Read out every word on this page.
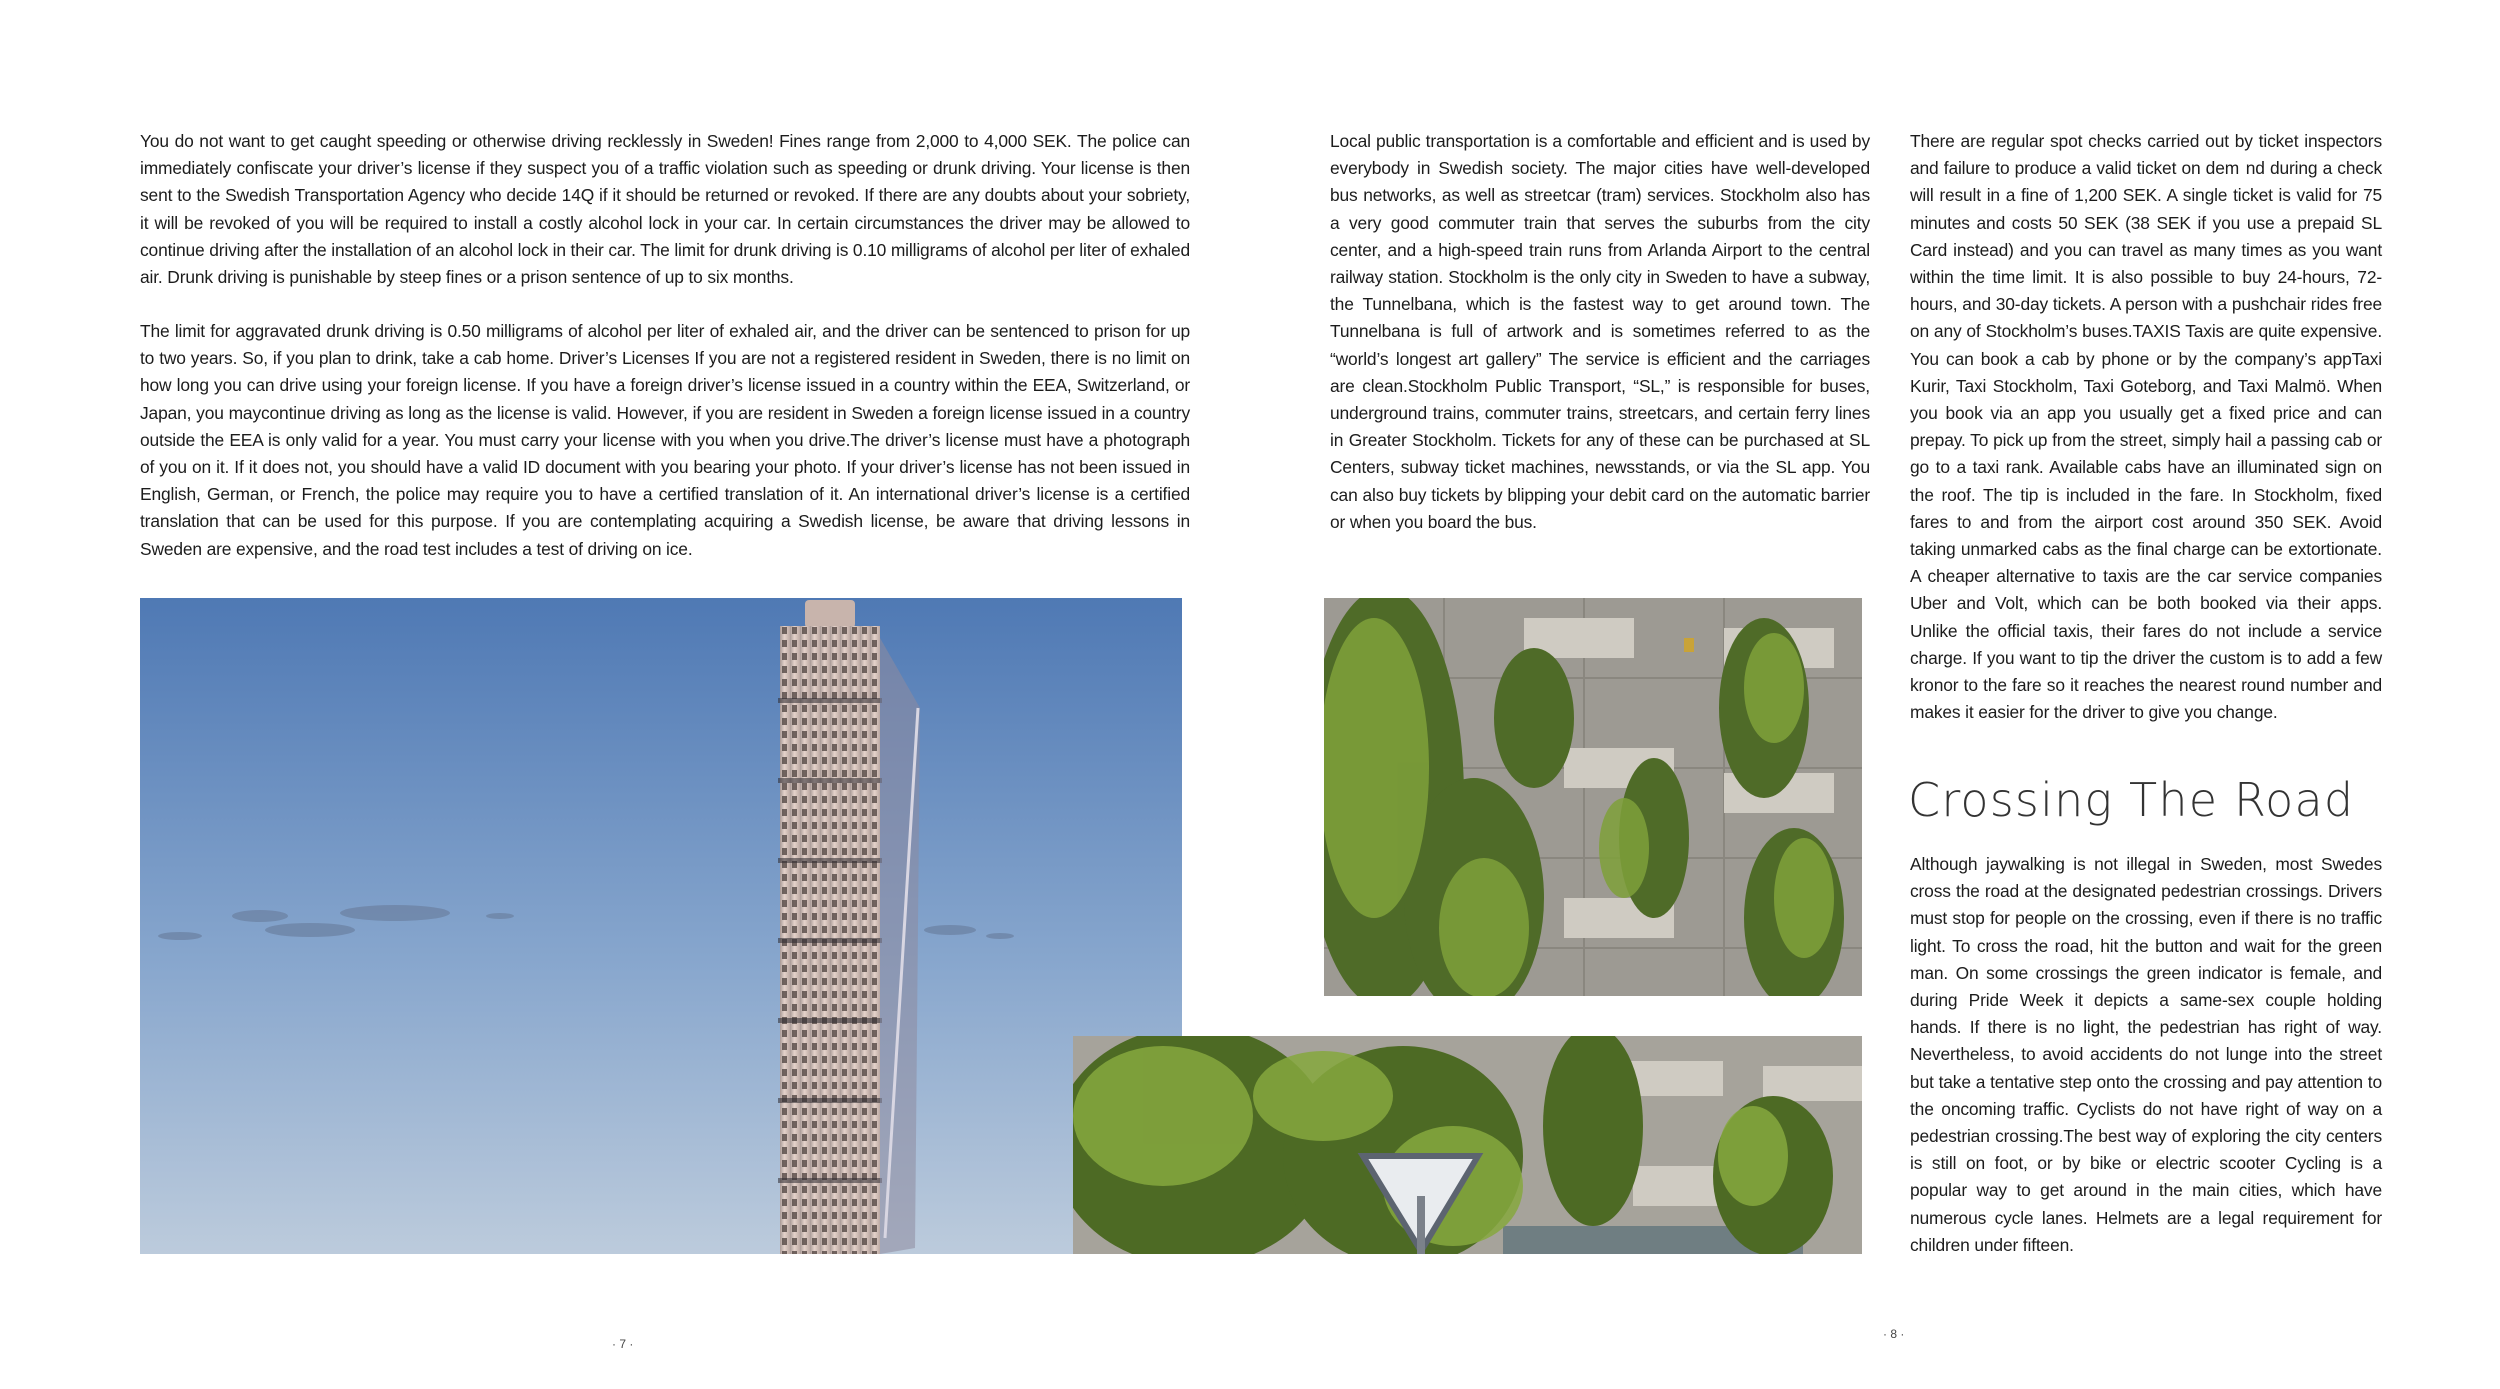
You do not want to get caught speeding or otherwise driving recklessly in Sweden! Fines range from 2,000 to 4,000 SEK. The police can immediately confiscate your driver’s license if they suspect you of a traffic violation such as speeding or drunk driving. Your license is then sent to the Swedish Transportation Agency who decide 14Q if it should be returned or revoked. If there are any doubts about your sobriety, it will be revoked of you will be required to install a costly alcohol lock in your car. In certain circumstances the driver may be allowed to continue driving after the installation of an alcohol lock in their car. The limit for drunk driving is 0.10 milligrams of alcohol per liter of exhaled air. Drunk driving is punishable by steep fines or a prison sentence of up to six months.

The limit for aggravated drunk driving is 0.50 milligrams of alcohol per liter of exhaled air, and the driver can be sentenced to prison for up to two years. So, if you plan to drink, take a cab home. Driver’s Licenses If you are not a registered resident in Sweden, there is no limit on how long you can drive using your foreign license. If you have a foreign driver’s license issued in a country within the EEA, Switzerland, or Japan, you maycontinue driving as long as the license is valid. However, if you are resident in Sweden a foreign license issued in a country outside the EEA is only valid for a year. You must carry your license with you when you drive.The driver’s license must have a photograph of you on it. If it does not, you should have a valid ID document with you bearing your photo. If your driver’s license has not been issued in English, German, or French, the police may require you to have a certified translation of it. An international driver’s license is a certified translation that can be used for this purpose. If you are contemplating acquiring a Swedish license, be aware that driving lessons in Sweden are expensive, and the road test includes a test of driving on ice.

Local public transportation is a comfortable and efficient and is used by everybody in Swedish society. The major cities have well-developed bus networks, as well as streetcar (tram) services. Stockholm also has a very good commuter train that serves the suburbs from the city center, and a high-speed train runs from Arlanda Airport to the central railway station. Stockholm is the only city in Sweden to have a subway, the Tunnelbana, which is the fastest way to get around town. The Tunnelbana is full of artwork and is sometimes referred to as the “world’s longest art gallery” The service is efficient and the carriages are clean.Stockholm Public Transport, “SL,” is responsible for buses, underground trains, commuter trains, streetcars, and certain ferry lines in Greater Stockholm. Tickets for any of these can be purchased at SL Centers, subway ticket machines, newsstands, or via the SL app. You can also buy tickets by blipping your debit card on the automatic barrier or when you board the bus.

There are regular spot checks carried out by ticket inspectors and failure to produce a valid ticket on dem  nd during a check will result in a fine of 1,200 SEK. A single ticket is valid for 75 minutes and costs 50 SEK (38 SEK if you use a prepaid SL Card instead) and you can travel as many times as you want within the time limit. It is also possible to buy 24-hours, 72-hours, and 30-day tickets. A person with a pushchair rides free on any of Stockholm’s buses.TAXIS Taxis are quite expensive. You can book a cab by phone or by the company’s appTaxi Kurir, Taxi Stockholm, Taxi Goteborg, and Taxi Malmö. When you book via an app you usually get a fixed price and can prepay. To pick up from the street, simply hail a passing cab or go to a taxi rank. Available cabs have an illuminated sign on the roof. The tip is included in the fare. In Stockholm, fixed fares to and from the airport cost around 350 SEK. Avoid taking unmarked cabs as the final charge can be extortionate. A cheaper alternative to taxis are the car service companies Uber and Volt, which can be both booked via their apps. Unlike the official taxis, their fares do not include a service charge. If you want to tip the driver the custom is to add a few kronor to the fare so it reaches the nearest round number and makes it easier for the driver to give you change.

Crossing The Road

Although jaywalking is not illegal in Sweden, most Swedes cross the road at the designated pedestrian crossings. Drivers must stop for people on the crossing, even if there is no traffic light. To cross the road, hit the button and wait for the green man. On some crossings the green indicator is female, and during Pride Week it depicts a same-sex couple holding hands. If there is no light, the pedestrian has right of way. Nevertheless, to avoid accidents do not lunge into the street but take a tentative step onto the crossing and pay attention to the oncoming traffic. Cyclists do not have right of way on a pedestrian crossing.The best way of exploring the city centers is still on foot, or by bike or electric scooter Cycling is a popular way to get around in the main cities, which have numerous cycle lanes. Helmets are a legal requirement for children under fifteen.

· 7 ·
· 8 ·
